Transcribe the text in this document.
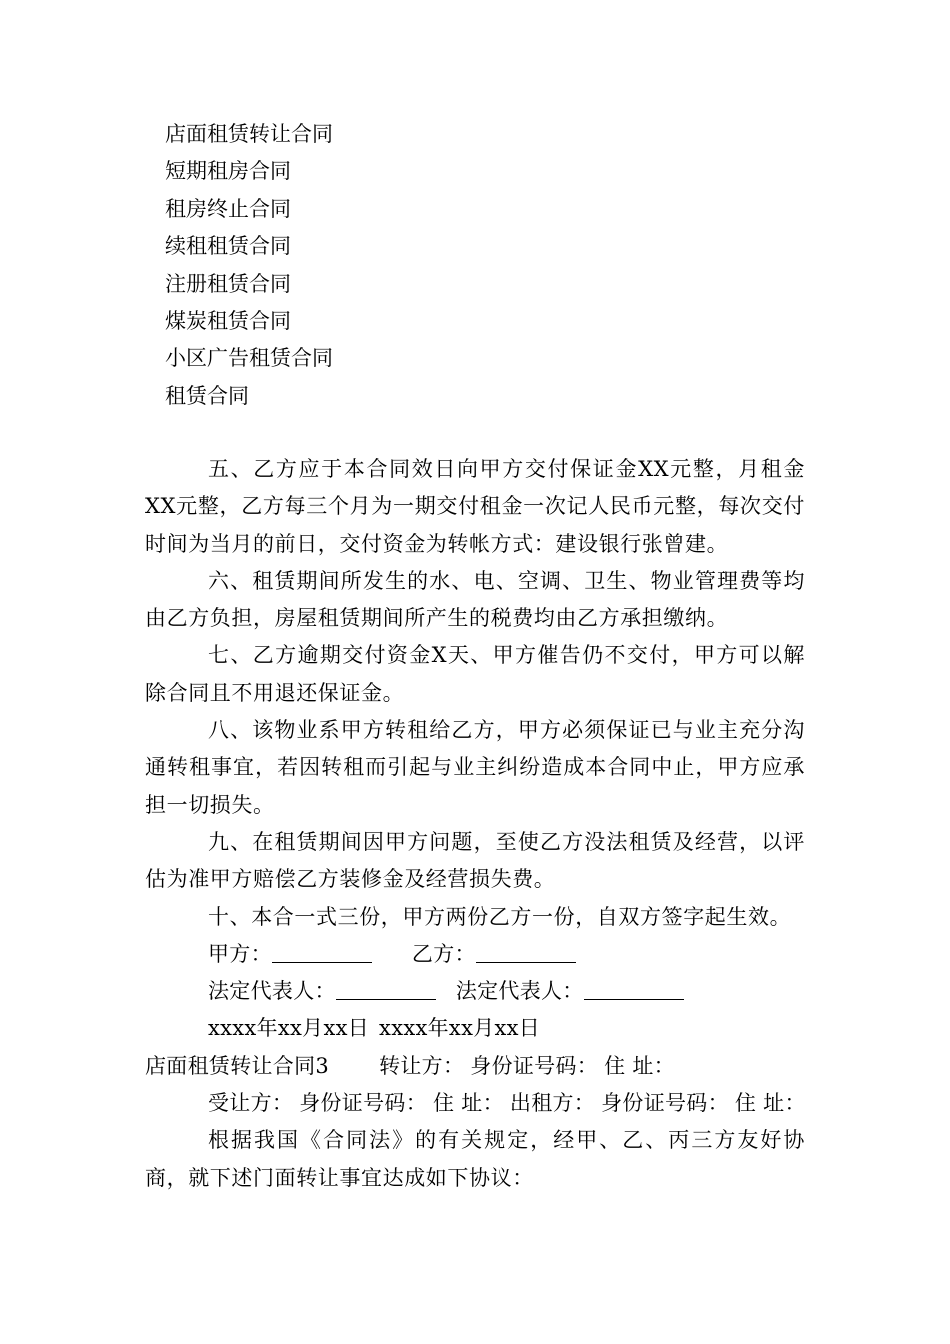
店面租赁转让合同
短期租房合同
租房终止合同
续租租赁合同
注册租赁合同
煤炭租赁合同
小区广告租赁合同
租赁合同

五、乙方应于本合同效日向甲方交付保证金XX元整，月租金XX元整，乙方每三个月为一期交付租金一次记人民币元整，每次交付时间为当月的前日，交付资金为转帐方式：建设银行张曾建。

六、租赁期间所发生的水、电、空调、卫生、物业管理费等均由乙方负担，房屋租赁期间所产生的税费均由乙方承担缴纳。

七、乙方逾期交付资金X天、甲方催告仍不交付，甲方可以解除合同且不用退还保证金。

八、该物业系甲方转租给乙方，甲方必须保证已与业主充分沟通转租事宜，若因转租而引起与业主纠纷造成本合同中止，甲方应承担一切损失。

九、在租赁期间因甲方问题，至使乙方没法租赁及经营，以评估为准甲方赔偿乙方装修金及经营损失费。

十、本合一式三份，甲方两份乙方一份，自双方签字起生效。

甲方：	乙方：
法定代表人：	法定代表人：
xxxx年xx月xx日 xxxx年xx月xx日
店面租赁转让合同3 转让方： 身份证号码： 住 址：
受让方： 身份证号码： 住 址： 出租方： 身份证号码： 住 址：

根据我国《合同法》的有关规定，经甲、乙、丙三方友好协商，就下述门面转让事宜达成如下协议：
